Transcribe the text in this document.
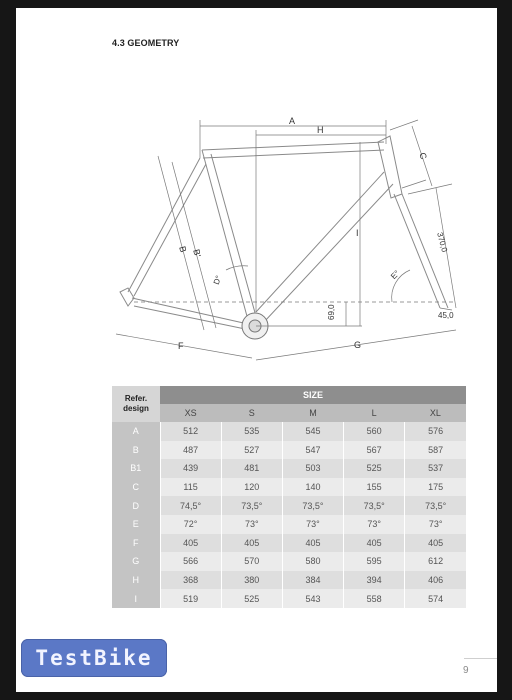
4.3 GEOMETRY
A
H
C
B B'
D°	E°
F	G
I	370,0
69,0	45,0
Refer.
design	SIZE				
	XS	S	M	L	XL
A	512	535	545	560	576
B	487	527	547	567	587
B1	439	481	503	525	537
C	115	120	140	155	175
D	74,5°	73,5°	73,5°	73,5°	73,5°
E	72°	73°	73°	73°	73°
F	405	405	405	405	405
G	566	570	580	595	612
H	368	380	384	394	406
I	519	525	543	558	574
TestBike
9
